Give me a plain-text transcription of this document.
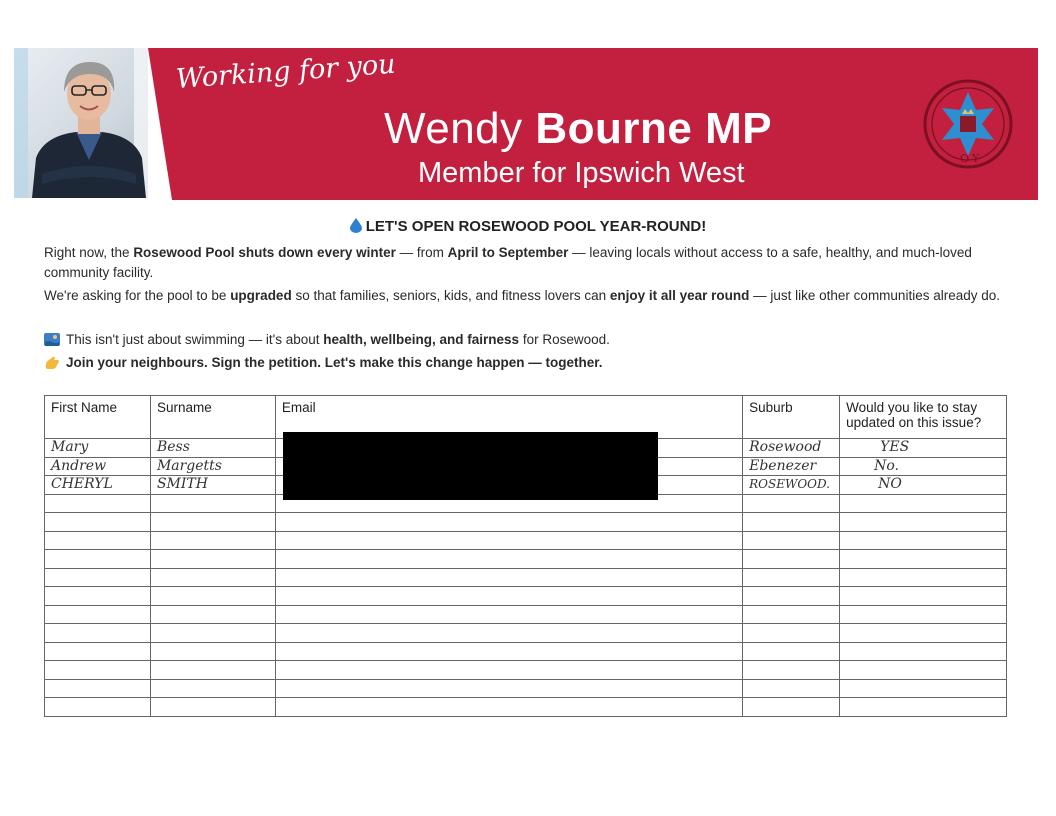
Working for you
Wendy Bourne MP
Member for Ipswich West	O Y
LET'S OPEN ROSEWOOD POOL YEAR-ROUND!
Right now, the Rosewood Pool shuts down every winter — from April to September — leaving locals without access to a safe, healthy, and much-loved community facility.
We're asking for the pool to be upgraded so that families, seniors, kids, and fitness lovers can enjoy it all year round — just like other communities already do.
This isn't just about swimming — it's about health, wellbeing, and fairness for Rosewood.
Join your neighbours. Sign the petition. Let's make this change happen — together.
First Name	Surname	Email	Suburb	Would you like to stay updated on this issue?
Mary	Bess		Rosewood	YES
Andrew	Margetts		Ebenezer	No.
CHERYL	SMITH		ROSEWOOD.	NO
